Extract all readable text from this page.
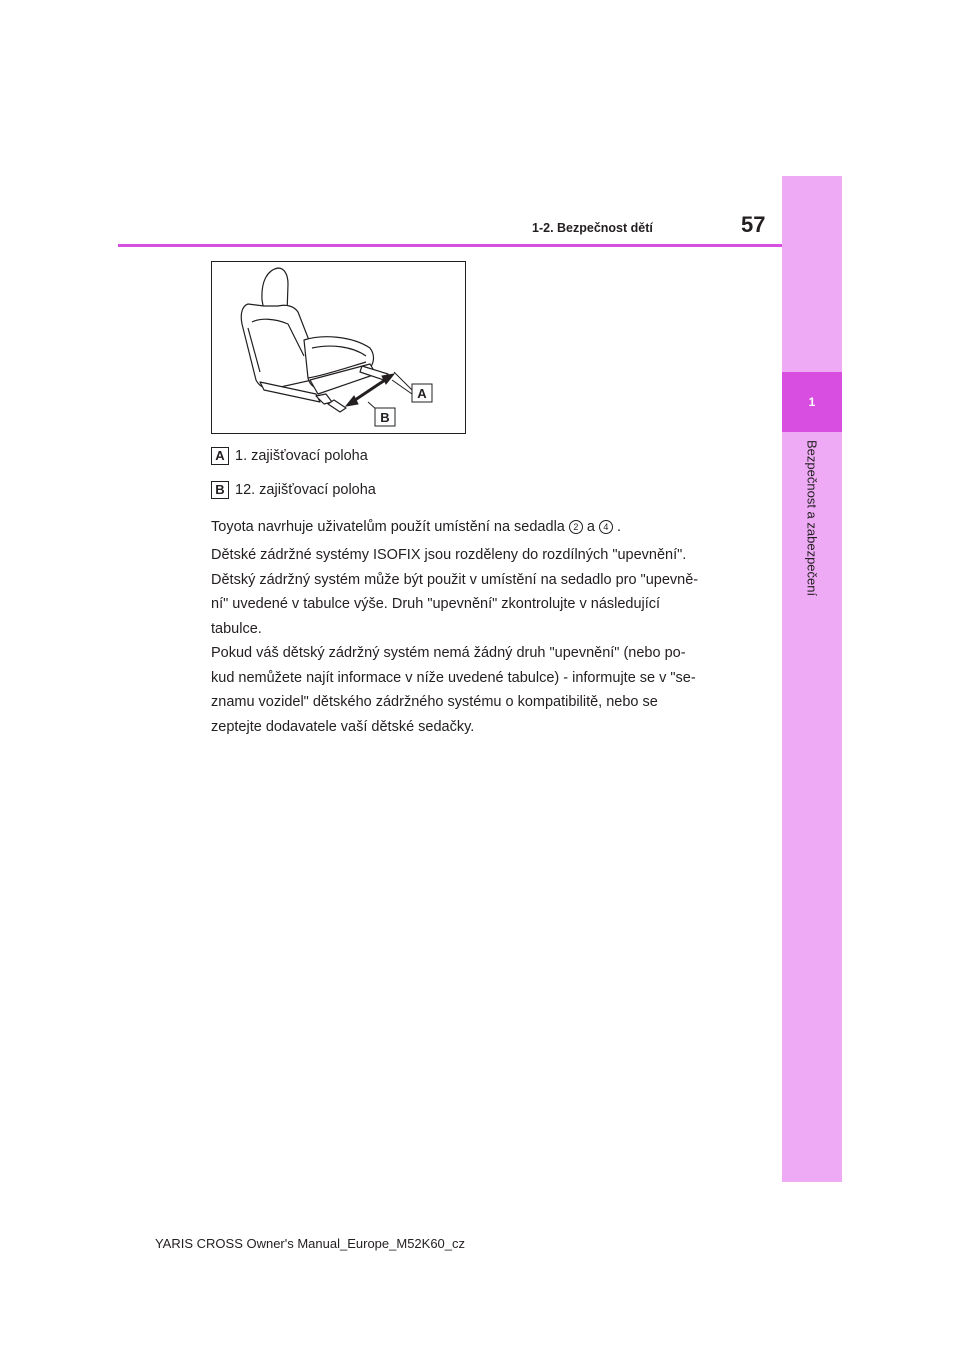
1
Bezpečnost a zabezpečení
1-2. Bezpečnost dětí	57
A
B
A 1. zajišťovací poloha
B 12. zajišťovací poloha

Toyota navrhuje uživatelům použít umístění na sedadla 2 a 4 .

Dětské zádržné systémy ISOFIX jsou rozděleny do rozdílných "upevnění".
Dětský zádržný systém může být použit v umístění na sedadlo pro "upevně-
ní" uvedené v tabulce výše. Druh "upevnění" zkontrolujte v následující
tabulce.
Pokud váš dětský zádržný systém nemá žádný druh "upevnění" (nebo po-
kud nemůžete najít informace v níže uvedené tabulce) - informujte se v "se-
znamu vozidel" dětského zádržného systému o kompatibilitě, nebo se
zeptejte dodavatele vaší dětské sedačky.
YARIS CROSS Owner's Manual_Europe_M52K60_cz
